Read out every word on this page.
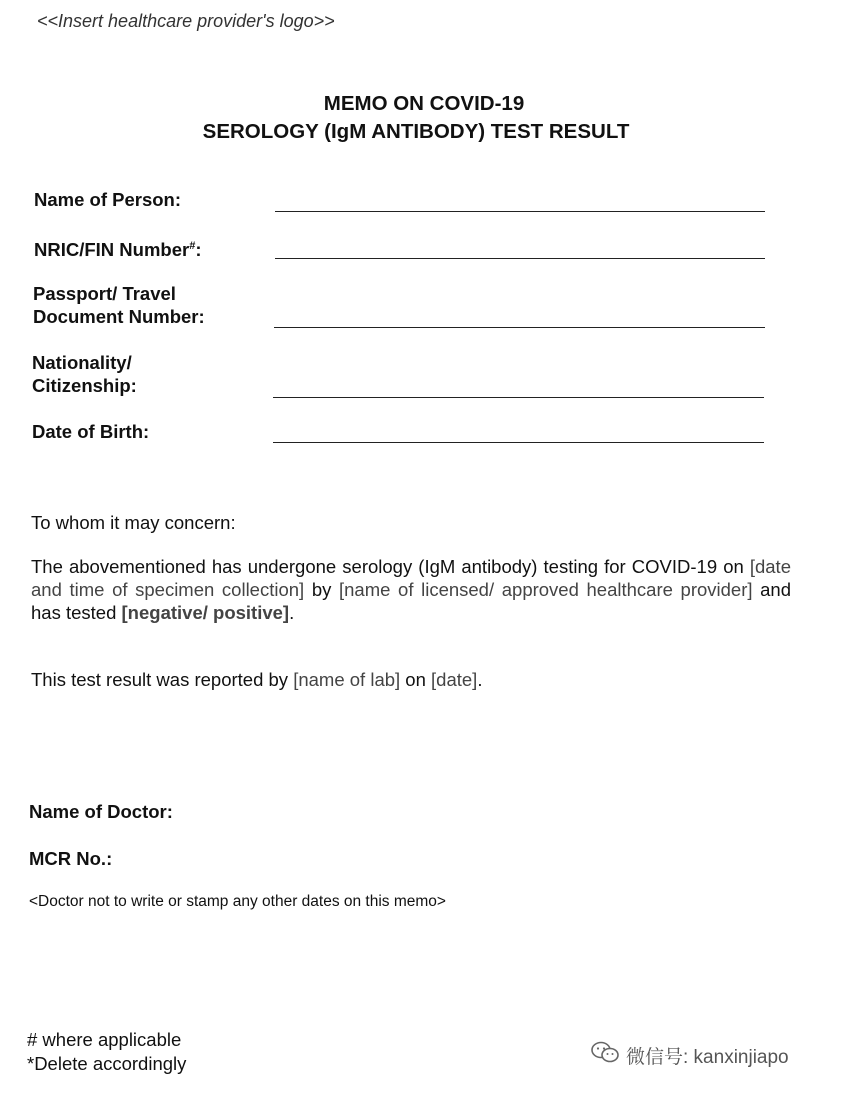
<<Insert healthcare provider's logo>>
MEMO ON COVID-19
SEROLOGY (IgM ANTIBODY) TEST RESULT
Name of Person:
NRIC/FIN Number#:
Passport/ Travel
Document Number:
Nationality/
Citizenship:
Date of Birth:
To whom it may concern:
The abovementioned has undergone serology (IgM antibody) testing for COVID-19 on [date and time of specimen collection] by [name of licensed/ approved healthcare provider] and has tested [negative/ positive].
This test result was reported by [name of lab] on [date].
Name of Doctor:
MCR No.:
<Doctor not to write or stamp any other dates on this memo>
# where applicable
*Delete accordingly	微信号: kanxinjiapo
